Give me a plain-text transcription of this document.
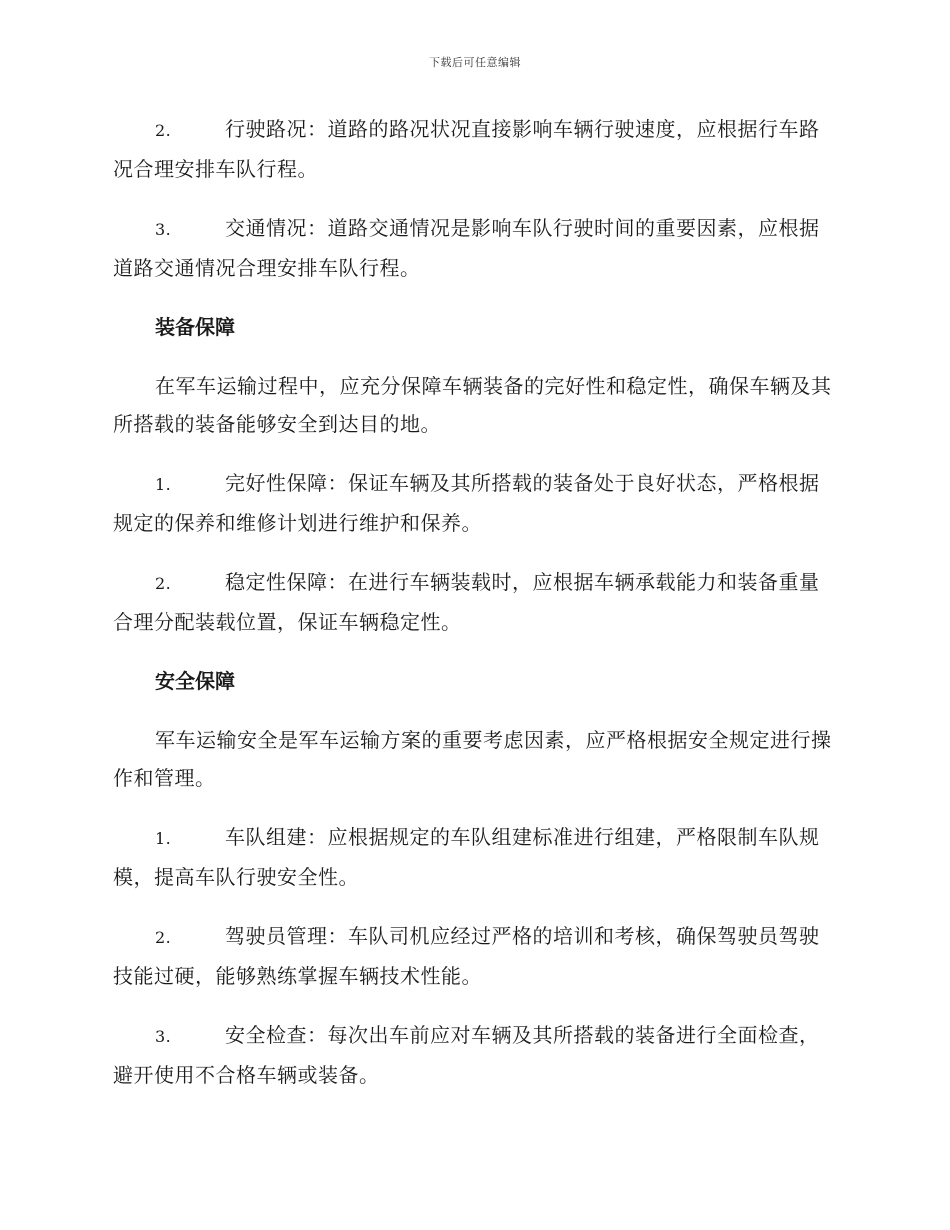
下载后可任意编辑

2.	行驶路况：道路的路况状况直接影响车辆行驶速度，应根据行车路况合理安排车队行程。

3.	交通情况：道路交通情况是影响车队行驶时间的重要因素，应根据道路交通情况合理安排车队行程。

装备保障

在军车运输过程中，应充分保障车辆装备的完好性和稳定性，确保车辆及其所搭载的装备能够安全到达目的地。

1.	完好性保障：保证车辆及其所搭载的装备处于良好状态，严格根据规定的保养和维修计划进行维护和保养。

2.	稳定性保障：在进行车辆装载时，应根据车辆承载能力和装备重量合理分配装载位置，保证车辆稳定性。

安全保障

军车运输安全是军车运输方案的重要考虑因素，应严格根据安全规定进行操作和管理。

1.	车队组建：应根据规定的车队组建标准进行组建，严格限制车队规模，提高车队行驶安全性。

2.	驾驶员管理：车队司机应经过严格的培训和考核，确保驾驶员驾驶技能过硬，能够熟练掌握车辆技术性能。

3.	安全检查：每次出车前应对车辆及其所搭载的装备进行全面检查，避开使用不合格车辆或装备。
